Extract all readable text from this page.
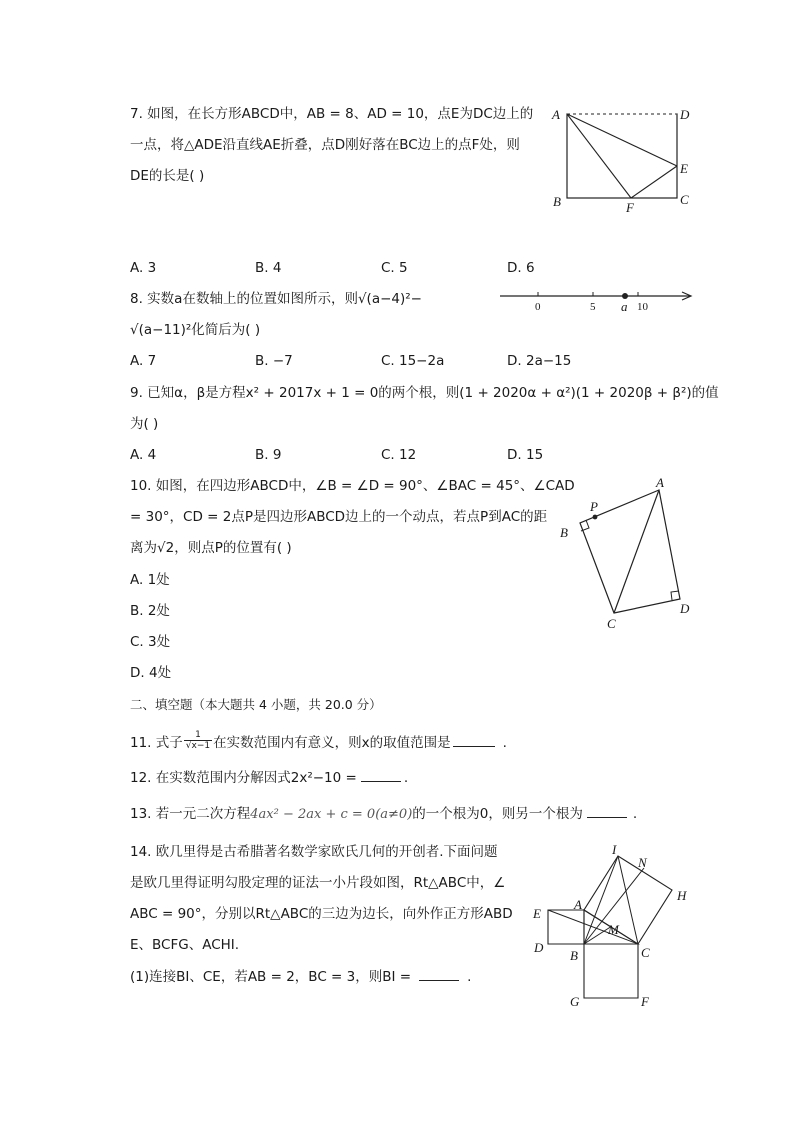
7. 如图，在长方形ABCD中，AB = 8、AD = 10，点E为DC边上的
一点，将△ADE沿直线AE折叠，点D刚好落在BC边上的点F处，则
DE的长是( )
A	D
E
B	F
C
A. 3	B. 4	C. 5	D. 6
8. 实数a在数轴上的位置如图所示，则√(a−4)²−
√(a−11)²化简后为( )
0	5 a 10
A. 7	B. −7	C. 15−2a	D. 2a−15
9. 已知α，β是方程x² + 2017x + 1 = 0的两个根，则(1 + 2020α + α²)(1 + 2020β + β²)的值
为( )
A. 4	B. 9	C. 12	D. 15
10. 如图，在四边形ABCD中，∠B = ∠D = 90°、∠BAC = 45°、∠CAD
= 30°，CD = 2点P是四边形ABCD边上的一个动点，若点P到AC的距
离为√2，则点P的位置有( )
A
P
B
C
D
A. 1处
B. 2处
C. 3处
D. 4处
二、填空题（本大题共 4 小题，共 20.0 分）
11. 式子 $\frac{1}{√x-1}$ 在实数范围内有意义，则x的取值范围是	.
12. 在实数范围内分解因式2x²−10 =	.
13. 若一元二次方程4ax² − 2ax + c = 0(a≠0)的一个根为0，则另一个根为	.
14. 欧几里得是古希腊著名数学家欧氏几何的开创者.下面问题
是欧几里得证明勾股定理的证法一小片段如图，Rt△ABC中，∠
ABC = 90°，分别以Rt△ABC的三边为边长，向外作正方形ABD
E、BCFG、ACHI.
(1)连接BI、CE，若AB = 2，BC = 3，则BI =	.
I
N
H
E
A
M
D
B	C
G	F
